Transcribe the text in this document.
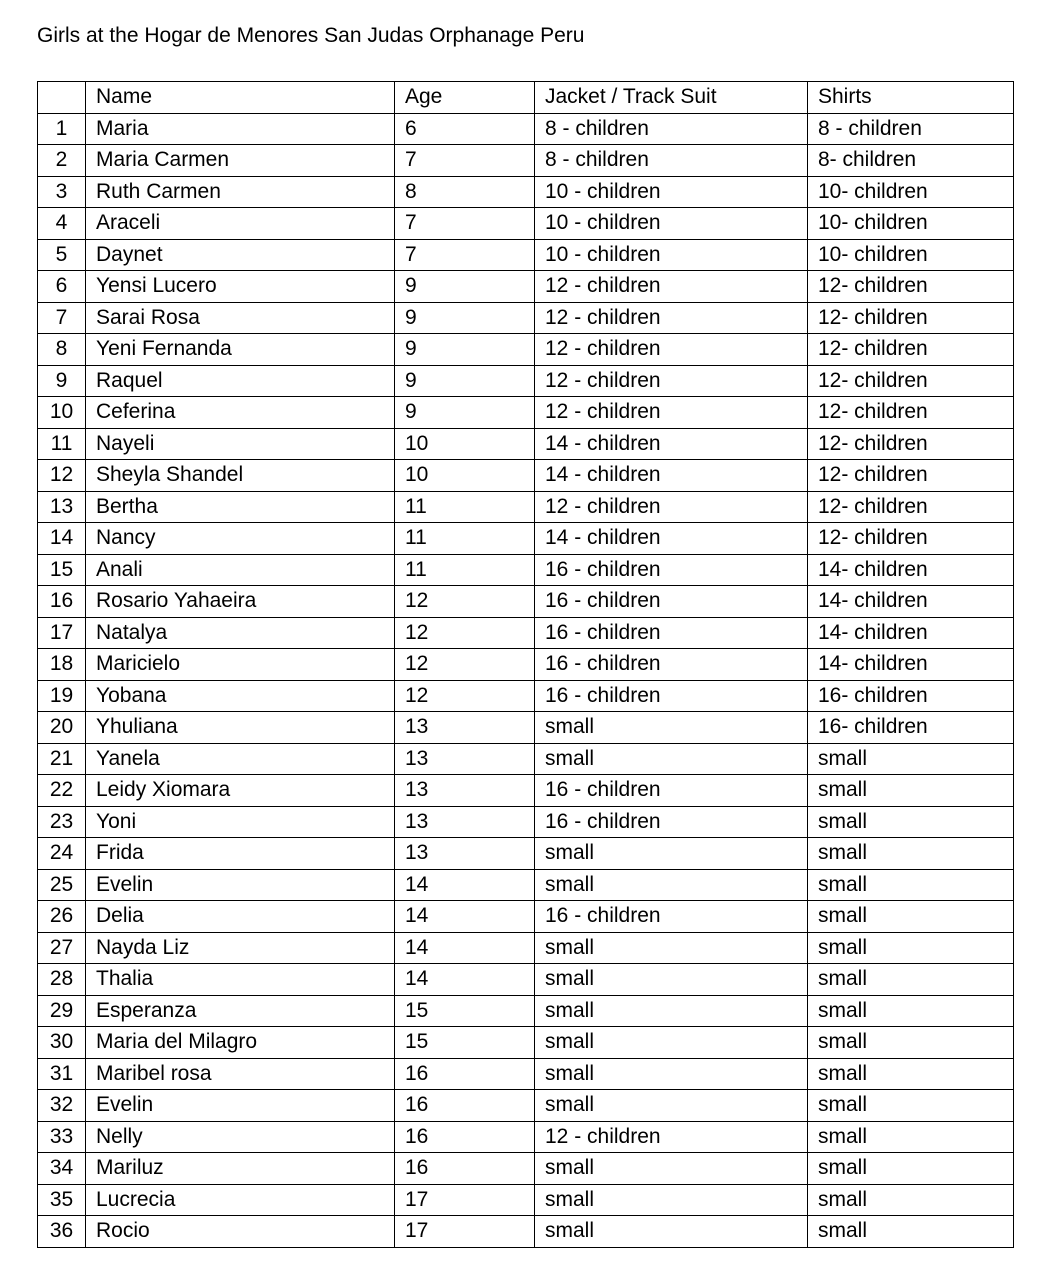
Girls at the Hogar de Menores San Judas Orphanage Peru
	Name	Age	Jacket / Track Suit	Shirts
1	Maria	6	8 - children	8 - children
2	Maria Carmen	7	8 - children	8- children
3	Ruth Carmen	8	10 - children	10- children
4	Araceli	7	10 - children	10- children
5	Daynet	7	10 - children	10- children
6	Yensi Lucero	9	12 - children	12- children
7	Sarai Rosa	9	12 - children	12- children
8	Yeni Fernanda	9	12 - children	12- children
9	Raquel	9	12 - children	12- children
10	Ceferina	9	12 - children	12- children
11	Nayeli	10	14 - children	12- children
12	Sheyla Shandel	10	14 - children	12- children
13	Bertha	11	12 - children	12- children
14	Nancy	11	14 - children	12- children
15	Anali	11	16 - children	14- children
16	Rosario Yahaeira	12	16 - children	14- children
17	Natalya	12	16 - children	14- children
18	Maricielo	12	16 - children	14- children
19	Yobana	12	16 - children	16- children
20	Yhuliana	13	small	16- children
21	Yanela	13	small	small
22	Leidy Xiomara	13	16 - children	small
23	Yoni	13	16 - children	small
24	Frida	13	small	small
25	Evelin	14	small	small
26	Delia	14	16 - children	small
27	Nayda Liz	14	small	small
28	Thalia	14	small	small
29	Esperanza	15	small	small
30	Maria del Milagro	15	small	small
31	Maribel rosa	16	small	small
32	Evelin	16	small	small
33	Nelly	16	12 - children	small
34	Mariluz	16	small	small
35	Lucrecia	17	small	small
36	Rocio	17	small	small
